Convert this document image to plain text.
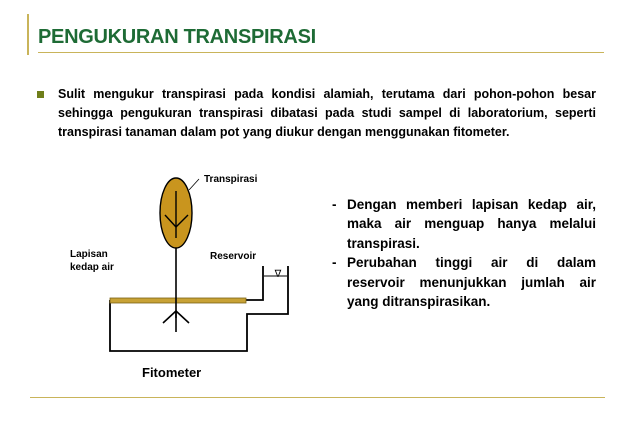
PENGUKURAN TRANSPIRASI

Sulit mengukur transpirasi pada kondisi alamiah, terutama dari pohon-pohon besar sehingga pengukuran transpirasi dibatasi pada studi sampel di laboratorium, seperti transpirasi tanaman dalam pot yang diukur dengan menggunakan fitometer.

∇
Transpirasi
Lapisan
kedap air
Reservoir
Fitometer
- Dengan memberi lapisan kedap air, maka air menguap hanya melalui transpirasi.
- Perubahan tinggi air di dalam reservoir menunjukkan jumlah air yang ditranspirasikan.
